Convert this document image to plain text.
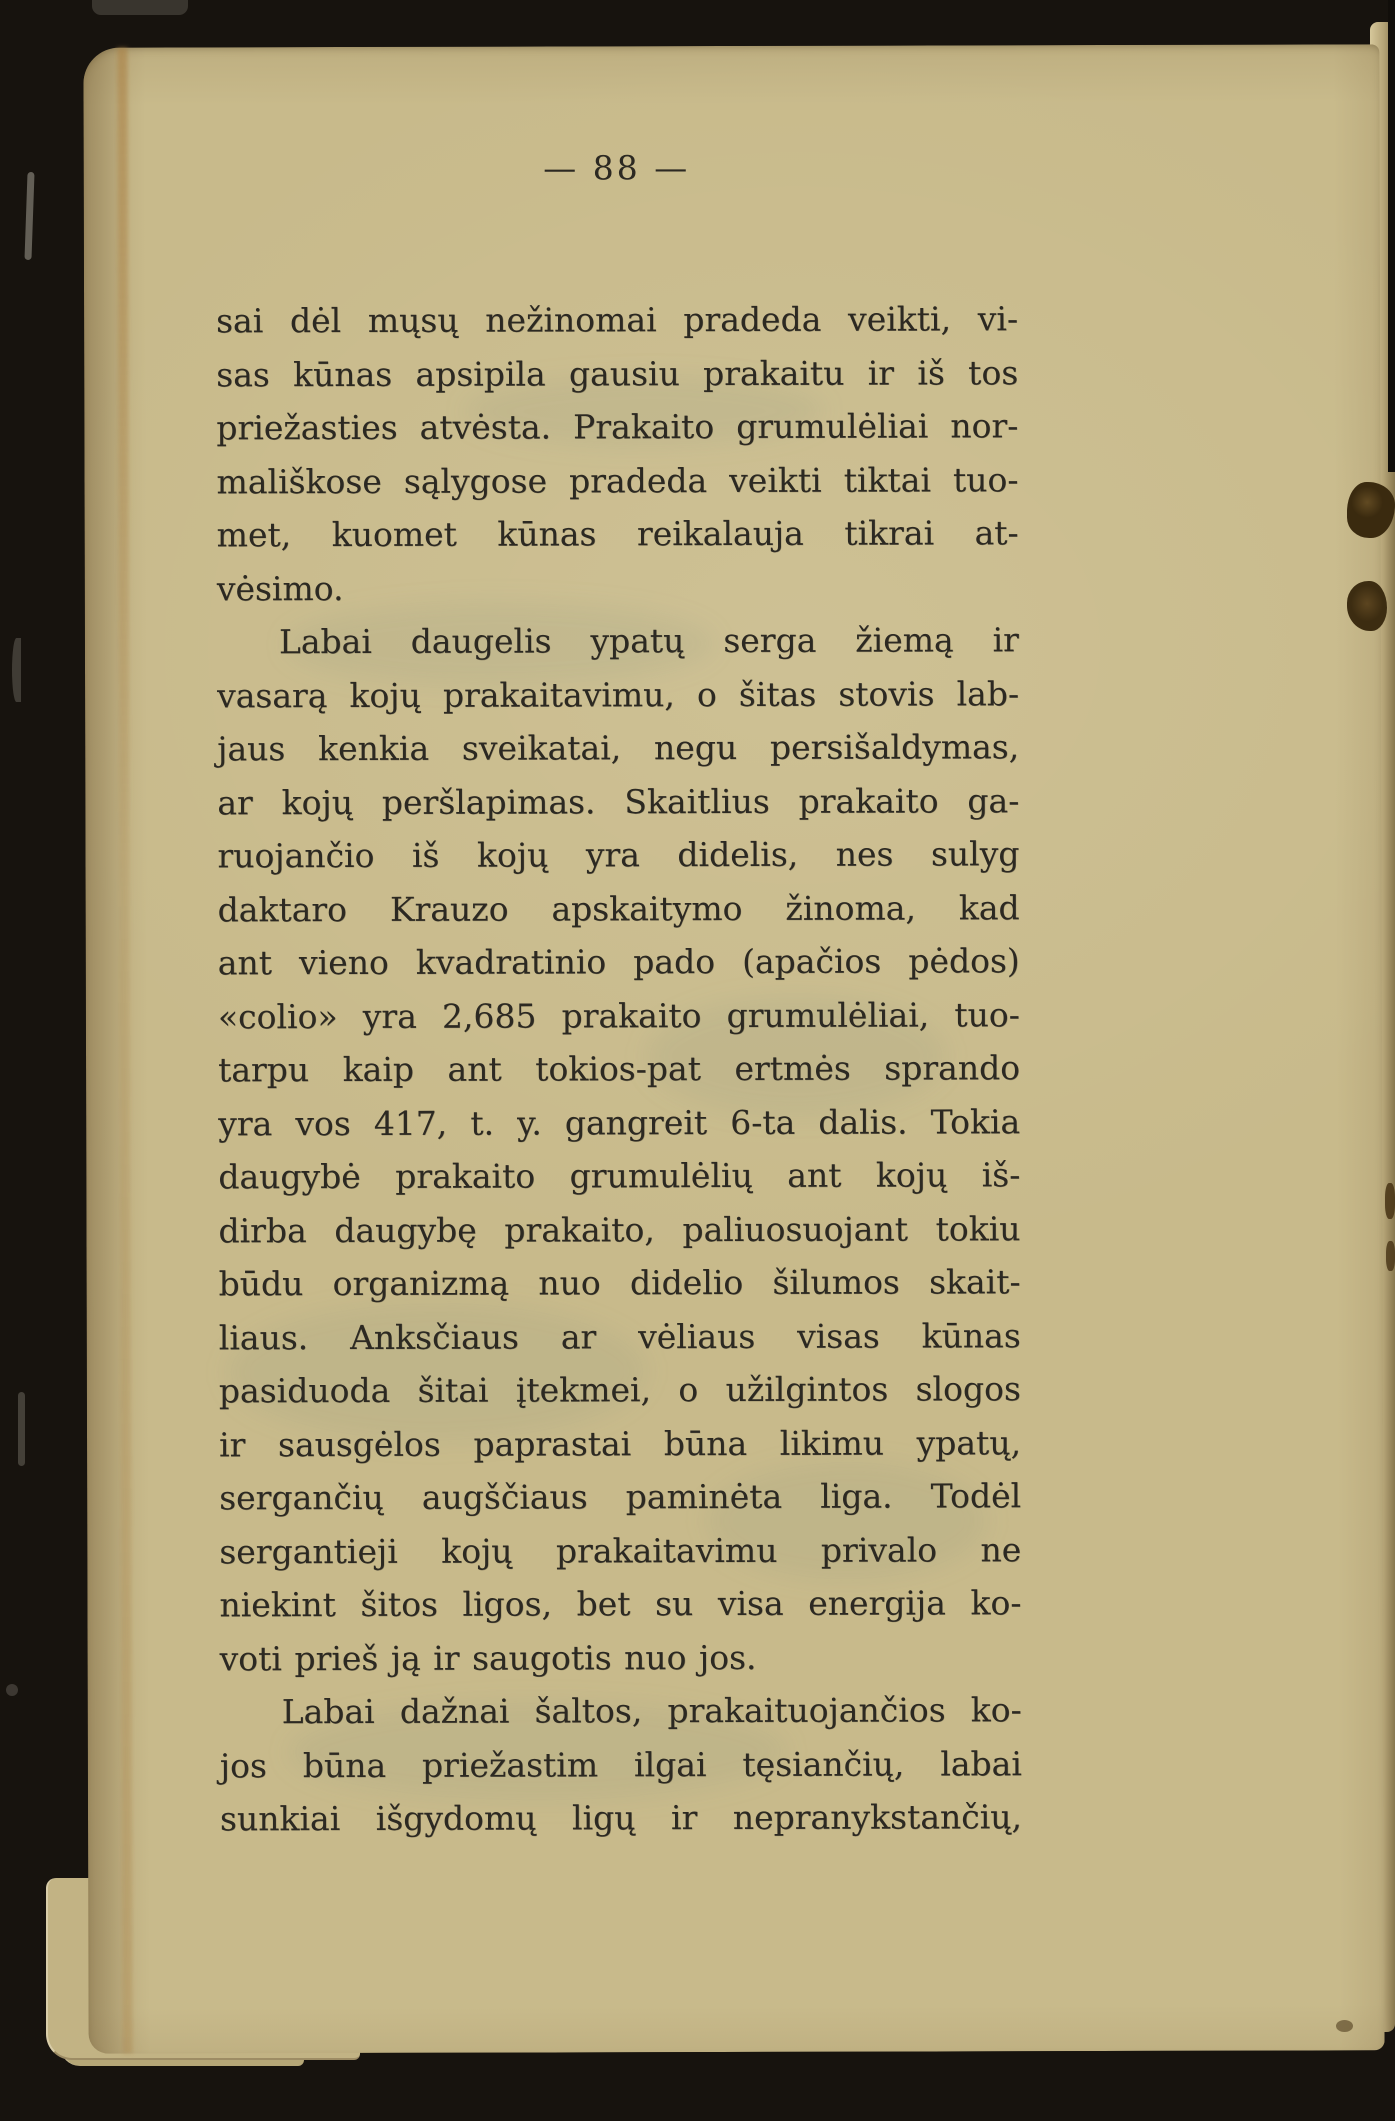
— 88 —
sai dėl mųsų nežinomai pradeda veikti, vi-
sas kūnas apsipila gausiu prakaitu ir iš tos
priežasties atvėsta. Prakaito grumulėliai nor-
mališkose sąlygose pradeda veikti tiktai tuo-
met, kuomet kūnas reikalauja tikrai at-
vėsimo.
Labai daugelis ypatų serga žiemą ir
vasarą kojų prakaitavimu, o šitas stovis lab-
jaus kenkia sveikatai, negu persišaldymas,
ar kojų peršlapimas. Skaitlius prakaito ga-
ruojančio iš kojų yra didelis, nes sulyg
daktaro Krauzo apskaitymo žinoma, kad
ant vieno kvadratinio pado (apačios pėdos)
«colio» yra 2,685 prakaito grumulėliai, tuo-
tarpu kaip ant tokios-pat ertmės sprando
yra vos 417, t. y. gangreit 6-ta dalis. Tokia
daugybė prakaito grumulėlių ant kojų iš-
dirba daugybę prakaito, paliuosuojant tokiu
būdu organizmą nuo didelio šilumos skait-
liaus. Anksčiaus ar vėliaus visas kūnas
pasiduoda šitai įtekmei, o užilgintos slogos
ir sausgėlos paprastai būna likimu ypatų,
sergančių augščiaus paminėta liga. Todėl
sergantieji kojų prakaitavimu privalo ne
niekint šitos ligos, bet su visa energija ko-
voti prieš ją ir saugotis nuo jos.
Labai dažnai šaltos, prakaituojančios ko-
jos būna priežastim ilgai tęsiančių, labai
sunkiai išgydomų ligų ir nepranykstančių,
